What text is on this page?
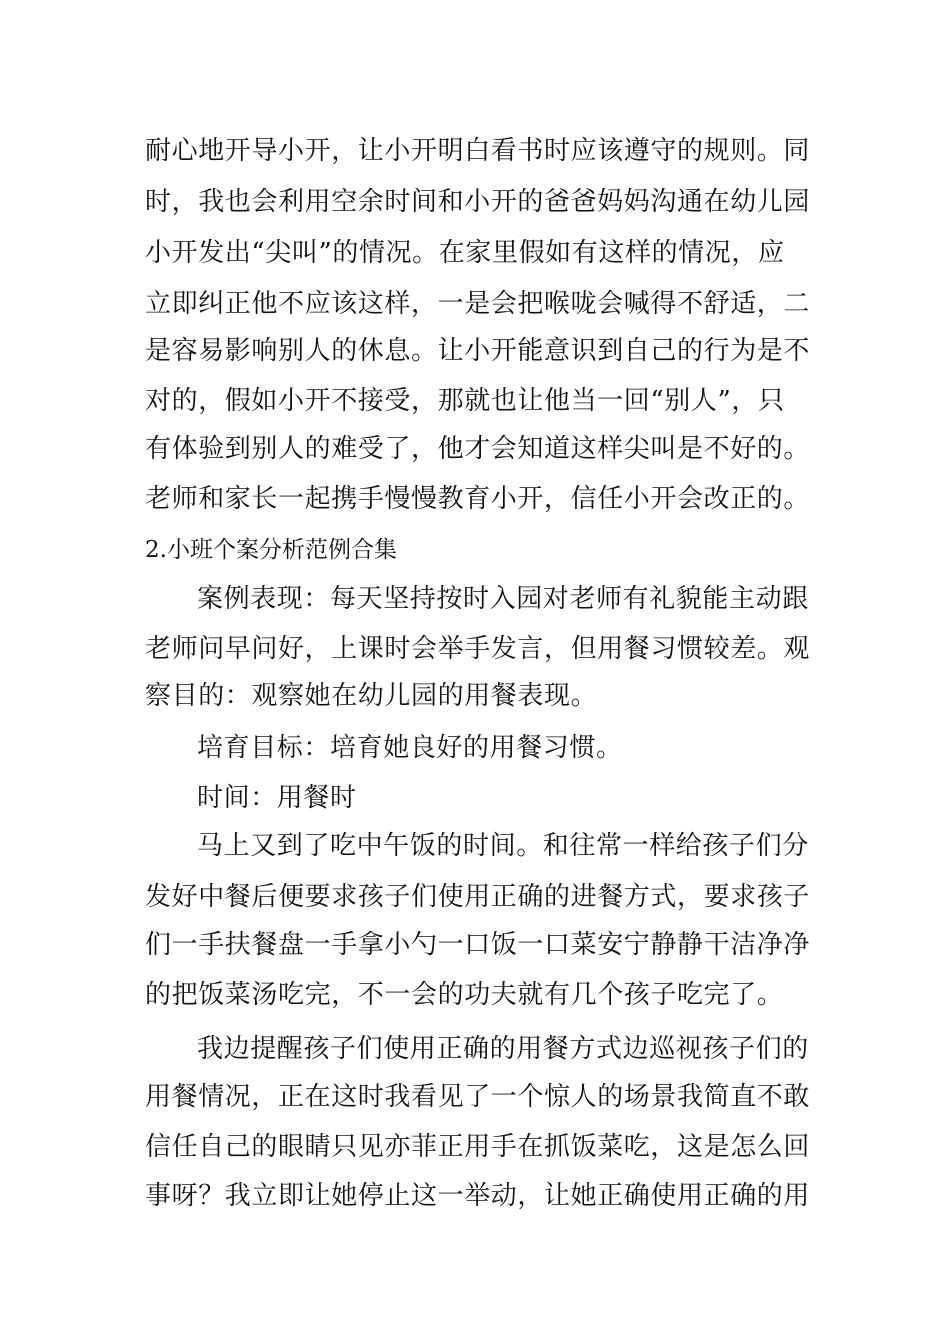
耐心地开导小开，让小开明白看书时应该遵守的规则。同
时，我也会利用空余时间和小开的爸爸妈妈沟通在幼儿园
小开发出“尖叫”的情况。在家里假如有这样的情况，应
立即纠正他不应该这样，一是会把喉咙会喊得不舒适，二
是容易影响别人的休息。让小开能意识到自己的行为是不
对的，假如小开不接受，那就也让他当一回“别人”，只
有体验到别人的难受了，他才会知道这样尖叫是不好的。
老师和家长一起携手慢慢教育小开，信任小开会改正的。
2.小班个案分析范例合集
案例表现：每天坚持按时入园对老师有礼貌能主动跟
老师问早问好，上课时会举手发言，但用餐习惯较差。观
察目的：观察她在幼儿园的用餐表现。
培育目标：培育她良好的用餐习惯。
时间：用餐时
马上又到了吃中午饭的时间。和往常一样给孩子们分
发好中餐后便要求孩子们使用正确的进餐方式，要求孩子
们一手扶餐盘一手拿小勺一口饭一口菜安宁静静干洁净净
的把饭菜汤吃完，不一会的功夫就有几个孩子吃完了。
我边提醒孩子们使用正确的用餐方式边巡视孩子们的
用餐情况，正在这时我看见了一个惊人的场景我简直不敢
信任自己的眼睛只见亦菲正用手在抓饭菜吃，这是怎么回
事呀？我立即让她停止这一举动，让她正确使用正确的用
